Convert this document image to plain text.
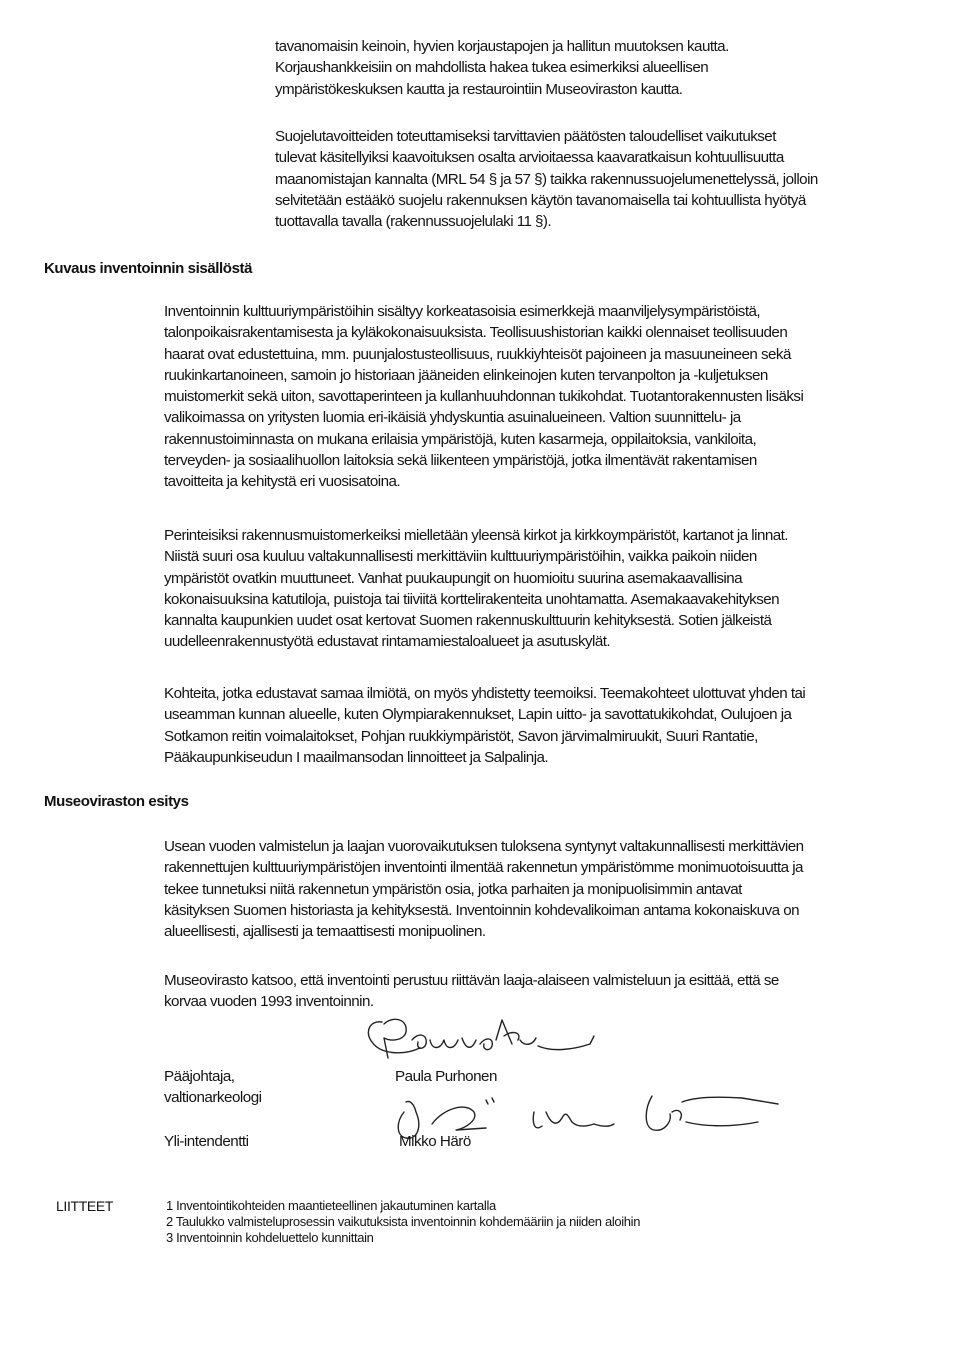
tavanomaisin keinoin, hyvien korjaustapojen ja hallitun muutoksen kautta.
Korjaushankkeisiin on mahdollista hakea tukea esimerkiksi alueellisen
ympäristökeskuksen kautta ja restaurointiin Museoviraston kautta.
Suojelutavoitteiden toteuttamiseksi tarvittavien päätösten taloudelliset vaikutukset
tulevat käsitellyiksi kaavoituksen osalta arvioitaessa kaavaratkaisun kohtuullisuutta
maanomistajan kannalta (MRL 54 § ja 57 §) taikka rakennussuojelumenettelyssä, jolloin
selvitetään estääkö suojelu rakennuksen käytön tavanomaisella tai kohtuullista hyötyä
tuottavalla tavalla (rakennussuojelulaki 11 §).
Kuvaus inventoinnin sisällöstä
Inventoinnin kulttuuriympäristöihin sisältyy korkeatasoisia esimerkkejä maanviljelysympäristöistä,
talonpoikaisrakentamisesta ja kyläkokonaisuuksista. Teollisuushistorian kaikki olennaiset teollisuuden
haarat ovat edustettuina, mm. puunjalostusteollisuus, ruukkiyhteisöt pajoineen ja masuuneineen sekä
ruukinkartanoineen, samoin jo historiaan jääneiden elinkeinojen kuten tervanpolton ja -kuljetuksen
muistomerkit sekä uiton, savottaperinteen ja kullanhuuhdonnan tukikohdat. Tuotantorakennusten lisäksi
valikoimassa on yritysten luomia eri-ikäisiä yhdyskuntia asuinalueineen. Valtion suunnittelu- ja
rakennustoiminnasta on mukana erilaisia ympäristöjä, kuten kasarmeja, oppilaitoksia, vankiloita,
terveyden- ja sosiaalihuollon laitoksia sekä liikenteen ympäristöjä, jotka ilmentävät rakentamisen
tavoitteita ja kehitystä eri vuosisatoina.
Perinteisiksi rakennusmuistomerkeiksi mielletään yleensä kirkot ja kirkkoympäristöt, kartanot ja linnat.
Niistä suuri osa kuuluu valtakunnallisesti merkittäviin kulttuuriympäristöihin, vaikka paikoin niiden
ympäristöt ovatkin muuttuneet. Vanhat puukaupungit on huomioitu suurina asemakaavallisina
kokonaisuuksina katutiloja, puistoja tai tiiviitä korttelirakenteita unohtamatta. Asemakaavakehityksen
kannalta kaupunkien uudet osat kertovat Suomen rakennuskulttuurin kehityksestä. Sotien jälkeistä
uudelleenrakennustyötä edustavat rintamamiestaloalueet ja asutuskylät.
Kohteita, jotka edustavat samaa ilmiötä, on myös yhdistetty teemoiksi. Teemakohteet ulottuvat yhden tai
useamman kunnan alueelle, kuten Olympiarakennukset, Lapin uitto- ja savottatukikohdat, Oulujoen ja
Sotkamon reitin voimalaitokset, Pohjan ruukkiympäristöt, Savon järvimalmiruukit, Suuri Rantatie,
Pääkaupunkiseudun I maailmansodan linnoitteet ja Salpalinja.
Museoviraston esitys
Usean vuoden valmistelun ja laajan vuorovaikutuksen tuloksena syntynyt valtakunnallisesti merkittävien
rakennettujen kulttuuriympäristöjen inventointi ilmentää rakennetun ympäristömme monimuotoisuutta ja
tekee tunnetuksi niitä rakennetun ympäristön osia, jotka parhaiten ja monipuolisimmin antavat
käsityksen Suomen historiasta ja kehityksestä. Inventoinnin kohdevalikoiman antama kokonaiskuva on
alueellisesti, ajallisesti ja temaattisesti monipuolinen.
Museovirasto katsoo, että inventointi perustuu riittävän laaja-alaiseen valmisteluun ja esittää, että se
korvaa vuoden 1993 inventoinnin.
Pääjohtaja,
valtionarkeologi
Paula Purhonen
Yli-intendentti	Mikko Härö
LIITTEET	1 Inventointikohteiden maantieteellinen jakautuminen kartalla
2 Taulukko valmisteluprosessin vaikutuksista inventoinnin kohdemääriin ja niiden aloihin
3 Inventoinnin kohdeluettelo kunnittain
